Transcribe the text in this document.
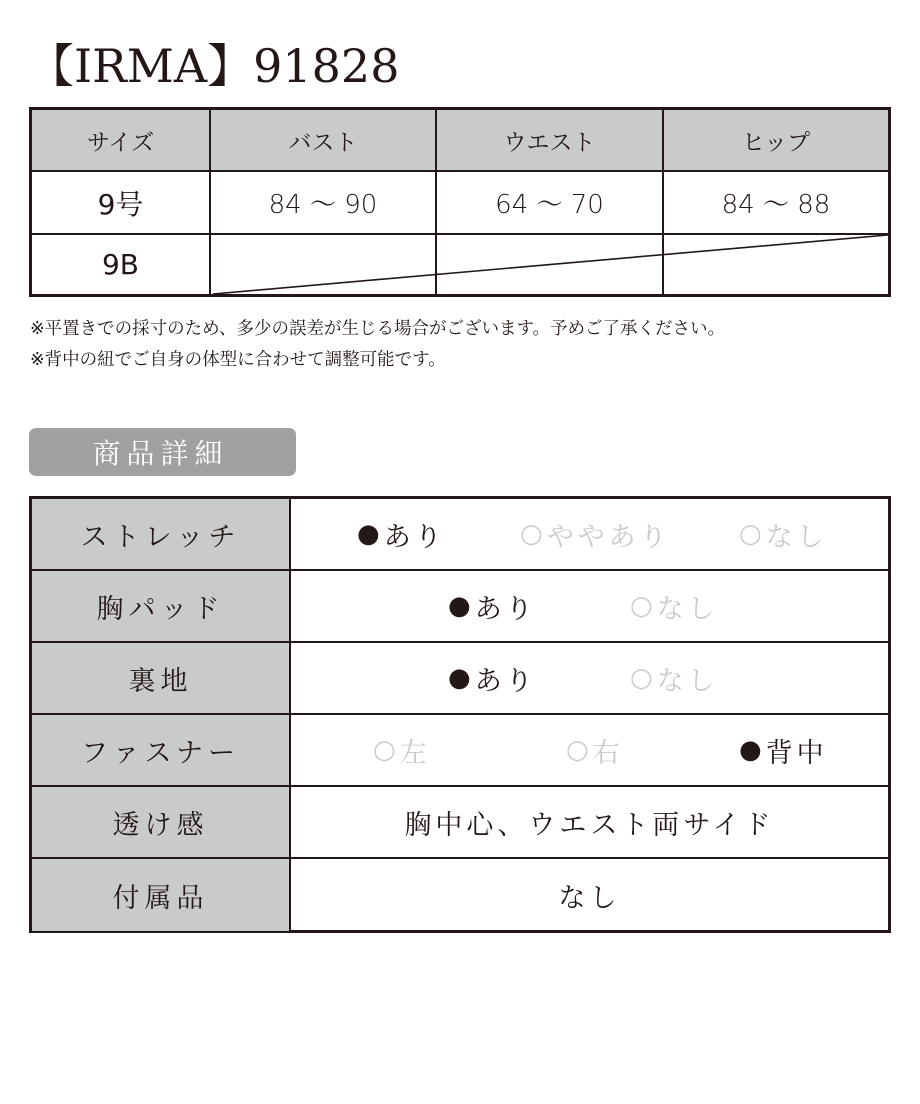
【IRMA】91828
サイズ	バスト	ウエスト	ヒップ
9号	84 ～ 90	64 ～ 70	84 ～ 88
9B
※平置きでの採寸のため、多少の誤差が生じる場合がございます。予めご了承ください。
※背中の紐でご自身の体型に合わせて調整可能です。
商品詳細
ストレッチ	● あり	○ ややあり	○ なし
胸パッド	● あり	○ なし
裏地	● あり	○ なし
ファスナー	○ 左	○ 右	● 背中
透け感	胸中心、ウエスト両サイド
付属品	なし
